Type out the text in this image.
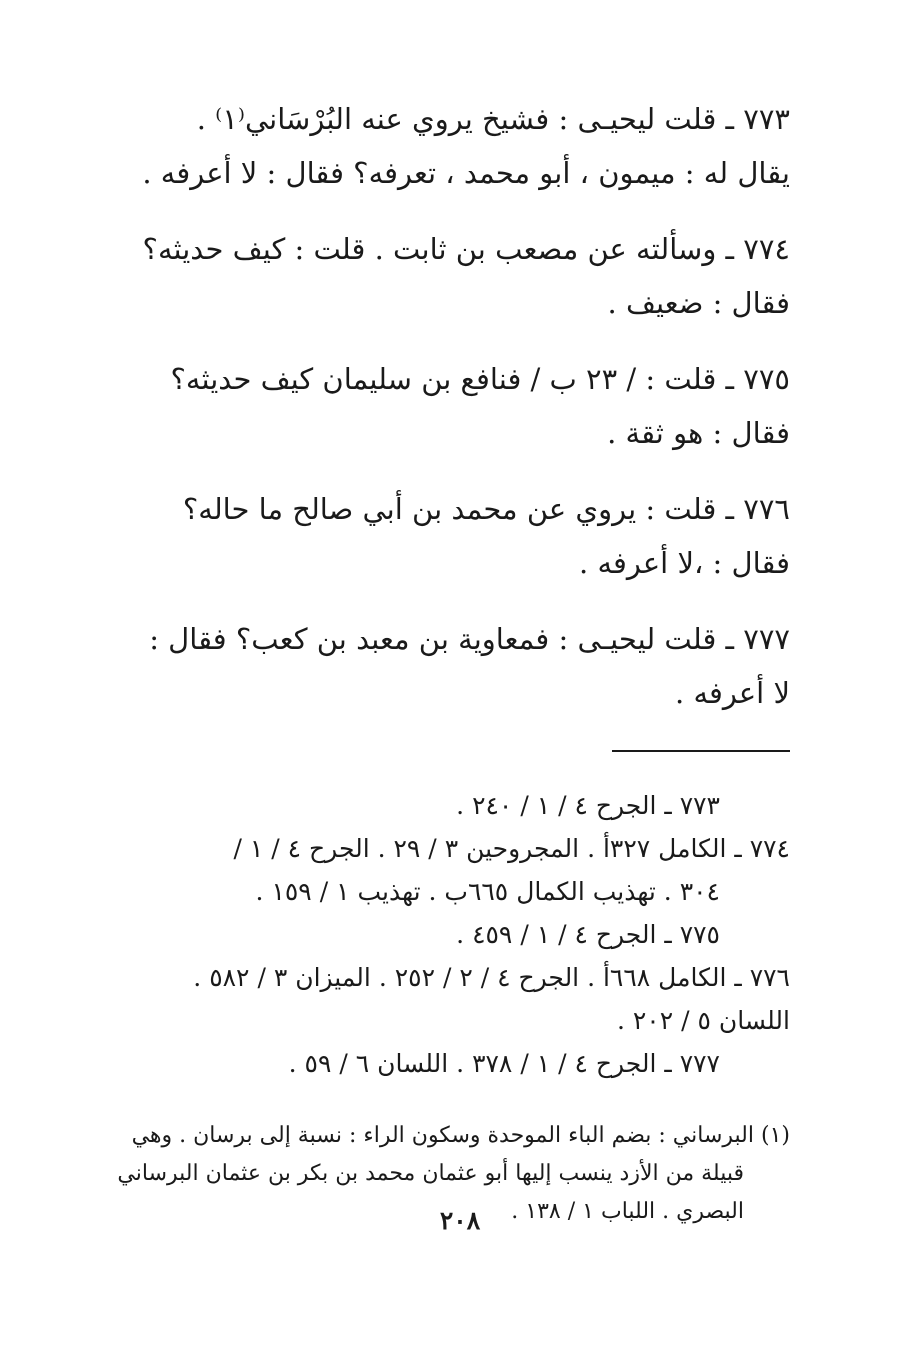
٧٧٣ ـ قلت ليحيـى : فشيخ يروي عنه البُرْسَاني⁽١⁾ .
يقال له : ميمون ، أبو محمد ، تعرفه؟ فقال : لا أعرفه .
٧٧٤ ـ وسألته عن مصعب بن ثابت . قلت : كيف حديثه؟
فقال : ضعيف .
٧٧٥ ـ قلت : / ٢٣ ب / فنافع بن سليمان كيف حديثه؟
فقال : هو ثقة .
٧٧٦ ـ قلت : يروي عن محمد بن أبي صالح ما حاله؟
فقال : ،لا أعرفه .
٧٧٧ ـ قلت ليحيـى : فمعاوية بن معبد بن كعب؟ فقال :
لا أعرفه .
٧٧٣ ـ الجرح ٤ / ١ / ٢٤٠ .
٧٧٤ ـ الكامل ٣٢٧أ . المجروحين ٣ / ٢٩ . الجرح ٤ / ١ /
٣٠٤ . تهذيب الكمال ٦٦٥ب . تهذيب ١ / ١٥٩ .
٧٧٥ ـ الجرح ٤ / ١ / ٤٥٩ .
٧٧٦ ـ الكامل ٦٦٨أ . الجرح ٤ / ٢ / ٢٥٢ . الميزان ٣ / ٥٨٢ .
اللسان ٥ / ٢٠٢ .
٧٧٧ ـ الجرح ٤ / ١ / ٣٧٨ . اللسان ٦ / ٥٩ .
(١) البرساني : بضم الباء الموحدة وسكون الراء : نسبة إلى برسان . وهي
قبيلة من الأزد ينسب إليها أبو عثمان محمد بن بكر بن عثمان البرساني
البصري . اللباب ١ / ١٣٨ .
٢٠٨
